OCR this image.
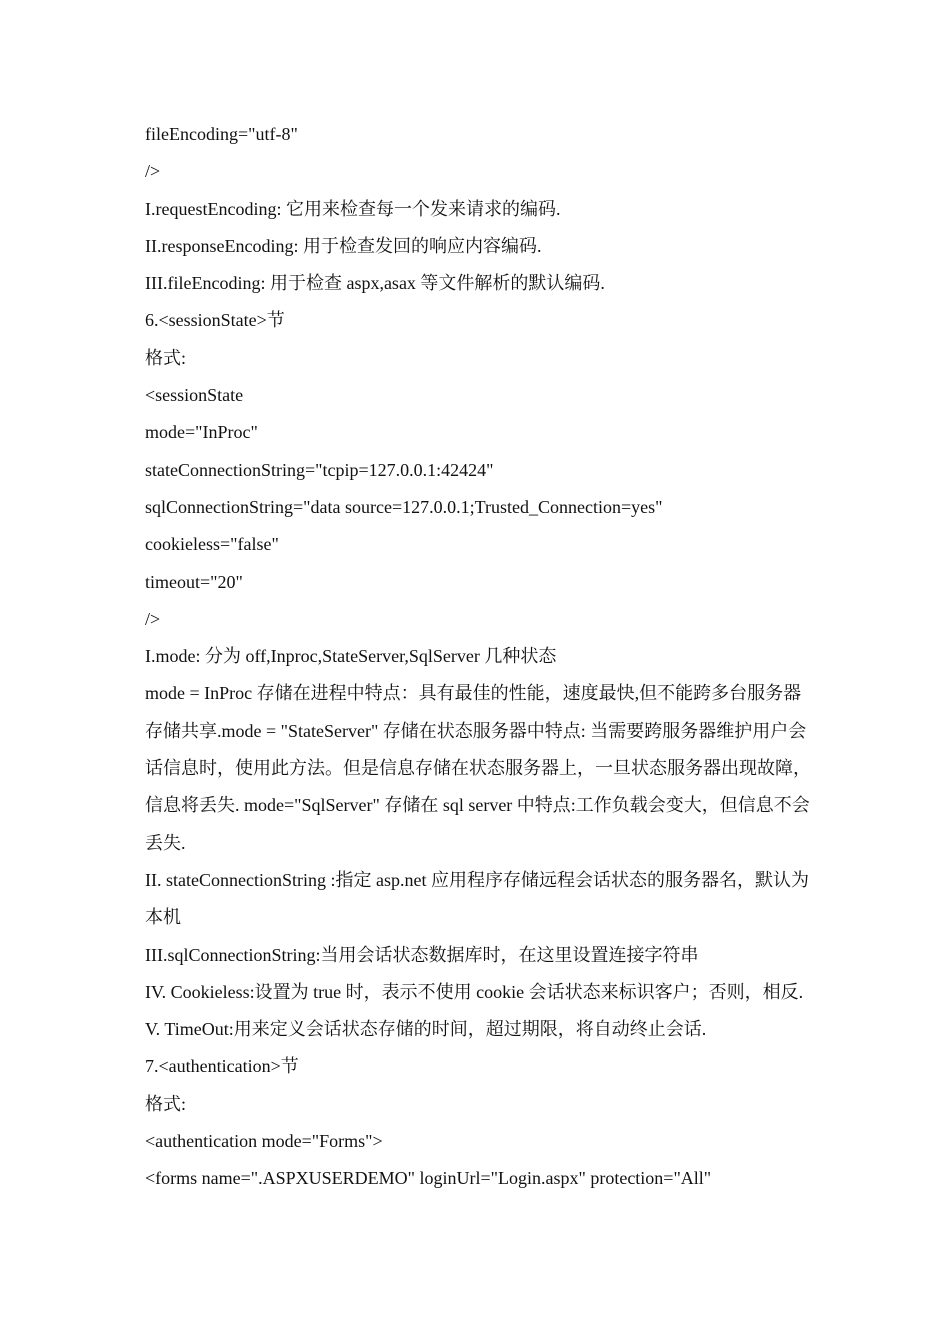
fileEncoding="utf-8"
/>
I.requestEncoding: 它用来检查每一个发来请求的编码.
II.responseEncoding: 用于检查发回的响应内容编码.
III.fileEncoding: 用于检查 aspx,asax 等文件解析的默认编码.
6.<sessionState>节
格式:
<sessionState
mode="InProc"
stateConnectionString="tcpip=127.0.0.1:42424"
sqlConnectionString="data source=127.0.0.1;Trusted_Connection=yes"
cookieless="false"
timeout="20"
/>
I.mode: 分为 off,Inproc,StateServer,SqlServer 几种状态
mode = InProc 存储在进程中特点：具有最佳的性能，速度最快,但不能跨多台服务器存储共享.mode = "StateServer" 存储在状态服务器中特点: 当需要跨服务器维护用户会话信息时，使用此方法。但是信息存储在状态服务器上，一旦状态服务器出现故障，信息将丢失. mode="SqlServer" 存储在 sql server 中特点:工作负载会变大，但信息不会丢失.
II. stateConnectionString :指定 asp.net 应用程序存储远程会话状态的服务器名，默认为本机
III.sqlConnectionString:当用会话状态数据库时，在这里设置连接字符串
IV. Cookieless:设置为 true 时，表示不使用 cookie 会话状态来标识客户；否则，相反.
V. TimeOut:用来定义会话状态存储的时间，超过期限，将自动终止会话.
7.<authentication>节
格式:
<authentication mode="Forms">
<forms name=".ASPXUSERDEMO" loginUrl="Login.aspx" protection="All"
